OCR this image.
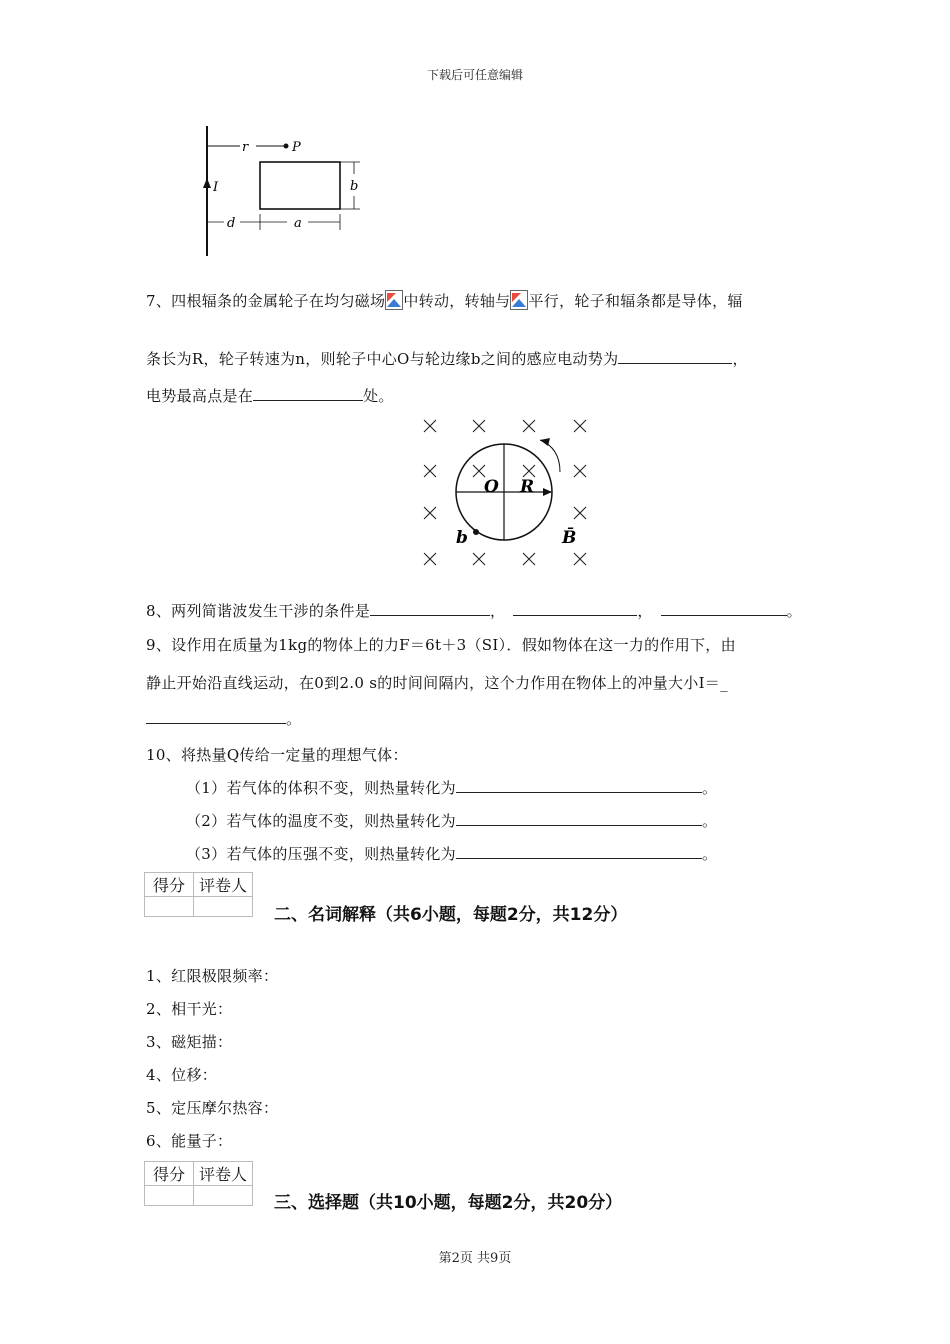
下载后可任意编辑
r	P
I	b
d	a
7、四根辐条的金属轮子在均匀磁场 中转动，转轴与 平行，轮子和辐条都是导体，辐
条长为R，轮子转速为n，则轮子中心O与轮边缘b之间的感应电动势为	，
电势最高点是在	处。
O R
b	B̄
8、两列简谐波发生干涉的条件是	，	，	。
9、设作用在质量为1kg的物体上的力F＝6t＋3（SI）．假如物体在这一力的作用下，由
静止开始沿直线运动，在0到2.0 s的时间间隔内，这个力作用在物体上的冲量大小I＝_
。
10、将热量Q传给一定量的理想气体：
（1）若气体的体积不变，则热量转化为	。
（2）若气体的温度不变，则热量转化为	。
（3）若气体的压强不变，则热量转化为	。
得分	评卷人

二、名词解释（共6小题，每题2分，共12分）
1、红限极限频率：
2、相干光：
3、磁矩描：
4、位移：
5、定压摩尔热容：
6、能量子：
得分	评卷人

三、选择题（共10小题，每题2分，共20分）
第2页 共9页
